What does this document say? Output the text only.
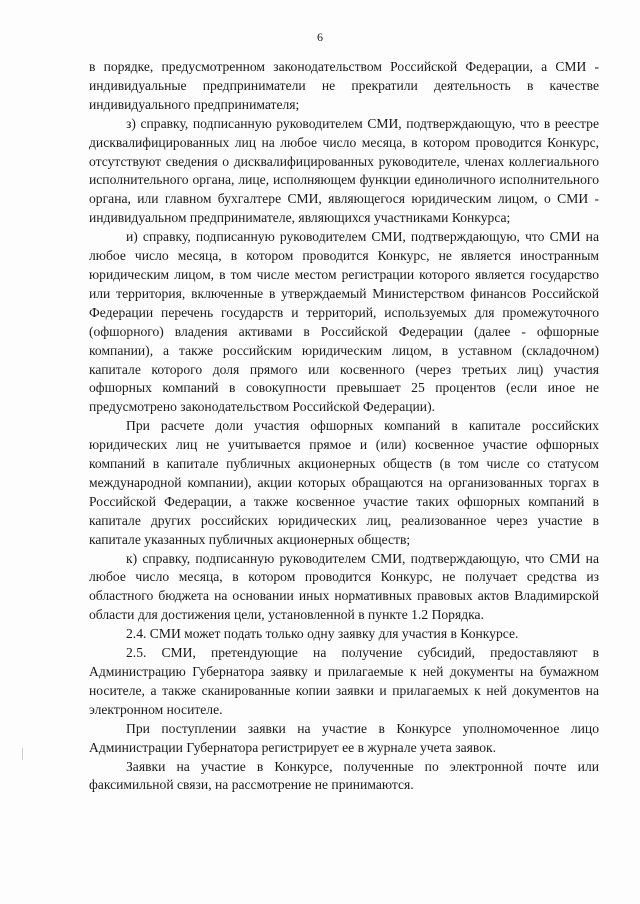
6

в порядке, предусмотренном законодательством Российской Федерации, а СМИ - индивидуальные предприниматели не прекратили деятельность в качестве индивидуального предпринимателя;

з) справку, подписанную руководителем СМИ, подтверждающую, что в реестре дисквалифицированных лиц на любое число месяца, в котором проводится Конкурс, отсутствуют сведения о дисквалифицированных руководителе, членах коллегиального исполнительного органа, лице, исполняющем функции единоличного исполнительного органа, или главном бухгалтере СМИ, являющегося юридическим лицом, о СМИ - индивидуальном предпринимателе, являющихся участниками Конкурса;

и) справку, подписанную руководителем СМИ, подтверждающую, что СМИ на любое число месяца, в котором проводится Конкурс, не является иностранным юридическим лицом, в том числе местом регистрации которого является государство или территория, включенные в утверждаемый Министерством финансов Российской Федерации перечень государств и территорий, используемых для промежуточного (офшорного) владения активами в Российской Федерации (далее - офшорные компании), а также российским юридическим лицом, в уставном (складочном) капитале которого доля прямого или косвенного (через третьих лиц) участия офшорных компаний в совокупности превышает 25 процентов (если иное не предусмотрено законодательством Российской Федерации).

При расчете доли участия офшорных компаний в капитале российских юридических лиц не учитывается прямое и (или) косвенное участие офшорных компаний в капитале публичных акционерных обществ (в том числе со статусом международной компании), акции которых обращаются на организованных торгах в Российской Федерации, а также косвенное участие таких офшорных компаний в капитале других российских юридических лиц, реализованное через участие в капитале указанных публичных акционерных обществ;

к) справку, подписанную руководителем СМИ, подтверждающую, что СМИ на любое число месяца, в котором проводится Конкурс, не получает средства из областного бюджета на основании иных нормативных правовых актов Владимирской области для достижения цели, установленной в пункте 1.2 Порядка.

2.4. СМИ может подать только одну заявку для участия в Конкурсе.

2.5. СМИ, претендующие на получение субсидий, предоставляют в Администрацию Губернатора заявку и прилагаемые к ней документы на бумажном носителе, а также сканированные копии заявки и прилагаемых к ней документов на электронном носителе.

При поступлении заявки на участие в Конкурсе уполномоченное лицо Администрации Губернатора регистрирует ее в журнале учета заявок.

Заявки на участие в Конкурсе, полученные по электронной почте или факсимильной связи, на рассмотрение не принимаются.
